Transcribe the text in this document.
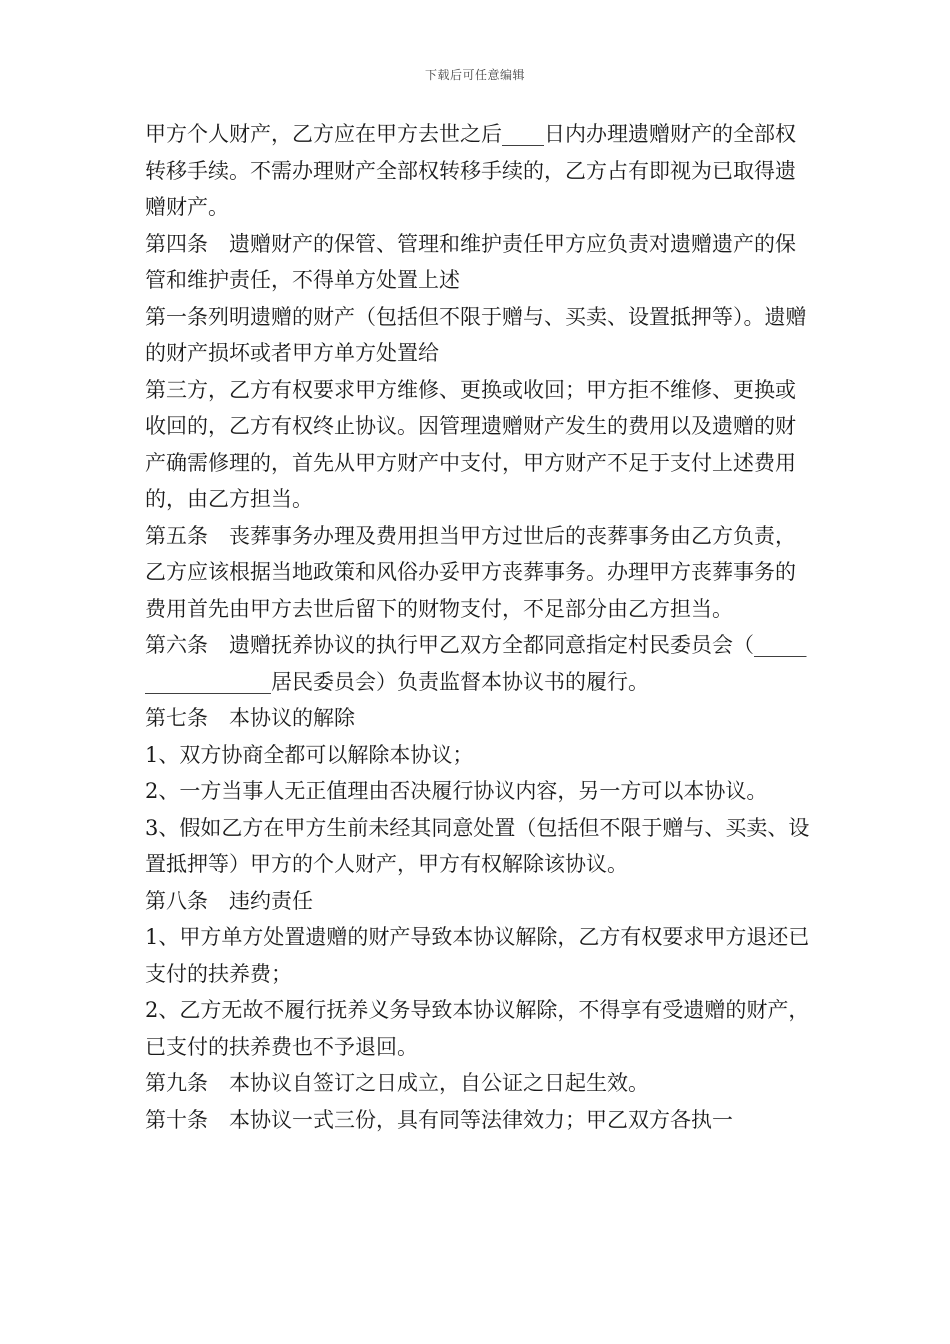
下载后可任意编辑

甲方个人财产，乙方应在甲方去世之后____日内办理遗赠财产的全部权转移手续。不需办理财产全部权转移手续的，乙方占有即视为已取得遗赠财产。

第四条　遗赠财产的保管、管理和维护责任甲方应负责对遗赠遗产的保管和维护责任，不得单方处置上述

第一条列明遗赠的财产（包括但不限于赠与、买卖、设置抵押等）。遗赠的财产损坏或者甲方单方处置给

第三方，乙方有权要求甲方维修、更换或收回；甲方拒不维修、更换或收回的，乙方有权终止协议。因管理遗赠财产发生的费用以及遗赠的财产确需修理的，首先从甲方财产中支付，甲方财产不足于支付上述费用的，由乙方担当。

第五条　丧葬事务办理及费用担当甲方过世后的丧葬事务由乙方负责，乙方应该根据当地政策和风俗办妥甲方丧葬事务。办理甲方丧葬事务的费用首先由甲方去世后留下的财物支付，不足部分由乙方担当。

第六条　遗赠抚养协议的执行甲乙双方全都同意指定村民委员会（_________________居民委员会）负责监督本协议书的履行。

第七条　本协议的解除

1、双方协商全都可以解除本协议；

2、一方当事人无正值理由否决履行协议内容，另一方可以本协议。

3、假如乙方在甲方生前未经其同意处置（包括但不限于赠与、买卖、设置抵押等）甲方的个人财产，甲方有权解除该协议。

第八条　违约责任

1、甲方单方处置遗赠的财产导致本协议解除，乙方有权要求甲方退还已支付的扶养费；

2、乙方无故不履行抚养义务导致本协议解除，不得享有受遗赠的财产，已支付的扶养费也不予退回。

第九条　本协议自签订之日成立，自公证之日起生效。

第十条　本协议一式三份，具有同等法律效力；甲乙双方各执一
